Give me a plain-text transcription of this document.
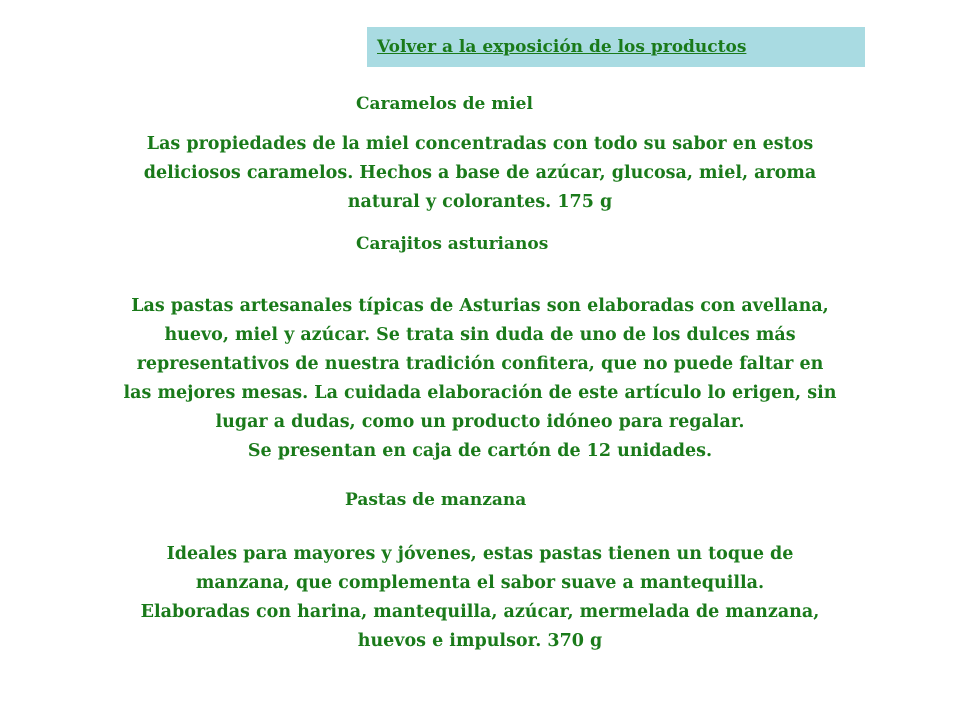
Volver a la exposición de los productos
Caramelos de miel
Las propiedades de la miel concentradas con todo su sabor en estos
deliciosos caramelos. Hechos a base de azúcar, glucosa, miel, aroma
natural y colorantes. 175 g
Carajitos asturianos
Las pastas artesanales típicas de Asturias son elaboradas con avellana,
huevo, miel y azúcar. Se trata sin duda de uno de los dulces más
representativos de nuestra tradición confitera, que no puede faltar en
las mejores mesas. La cuidada elaboración de este artículo lo erigen, sin
lugar a dudas, como un producto idóneo para regalar.
Se presentan en caja de cartón de 12 unidades.
Pastas de manzana
Ideales para mayores y jóvenes, estas pastas tienen un toque de
manzana, que complementa el sabor suave a mantequilla.
Elaboradas con harina, mantequilla, azúcar, mermelada de manzana,
huevos e impulsor. 370 g
